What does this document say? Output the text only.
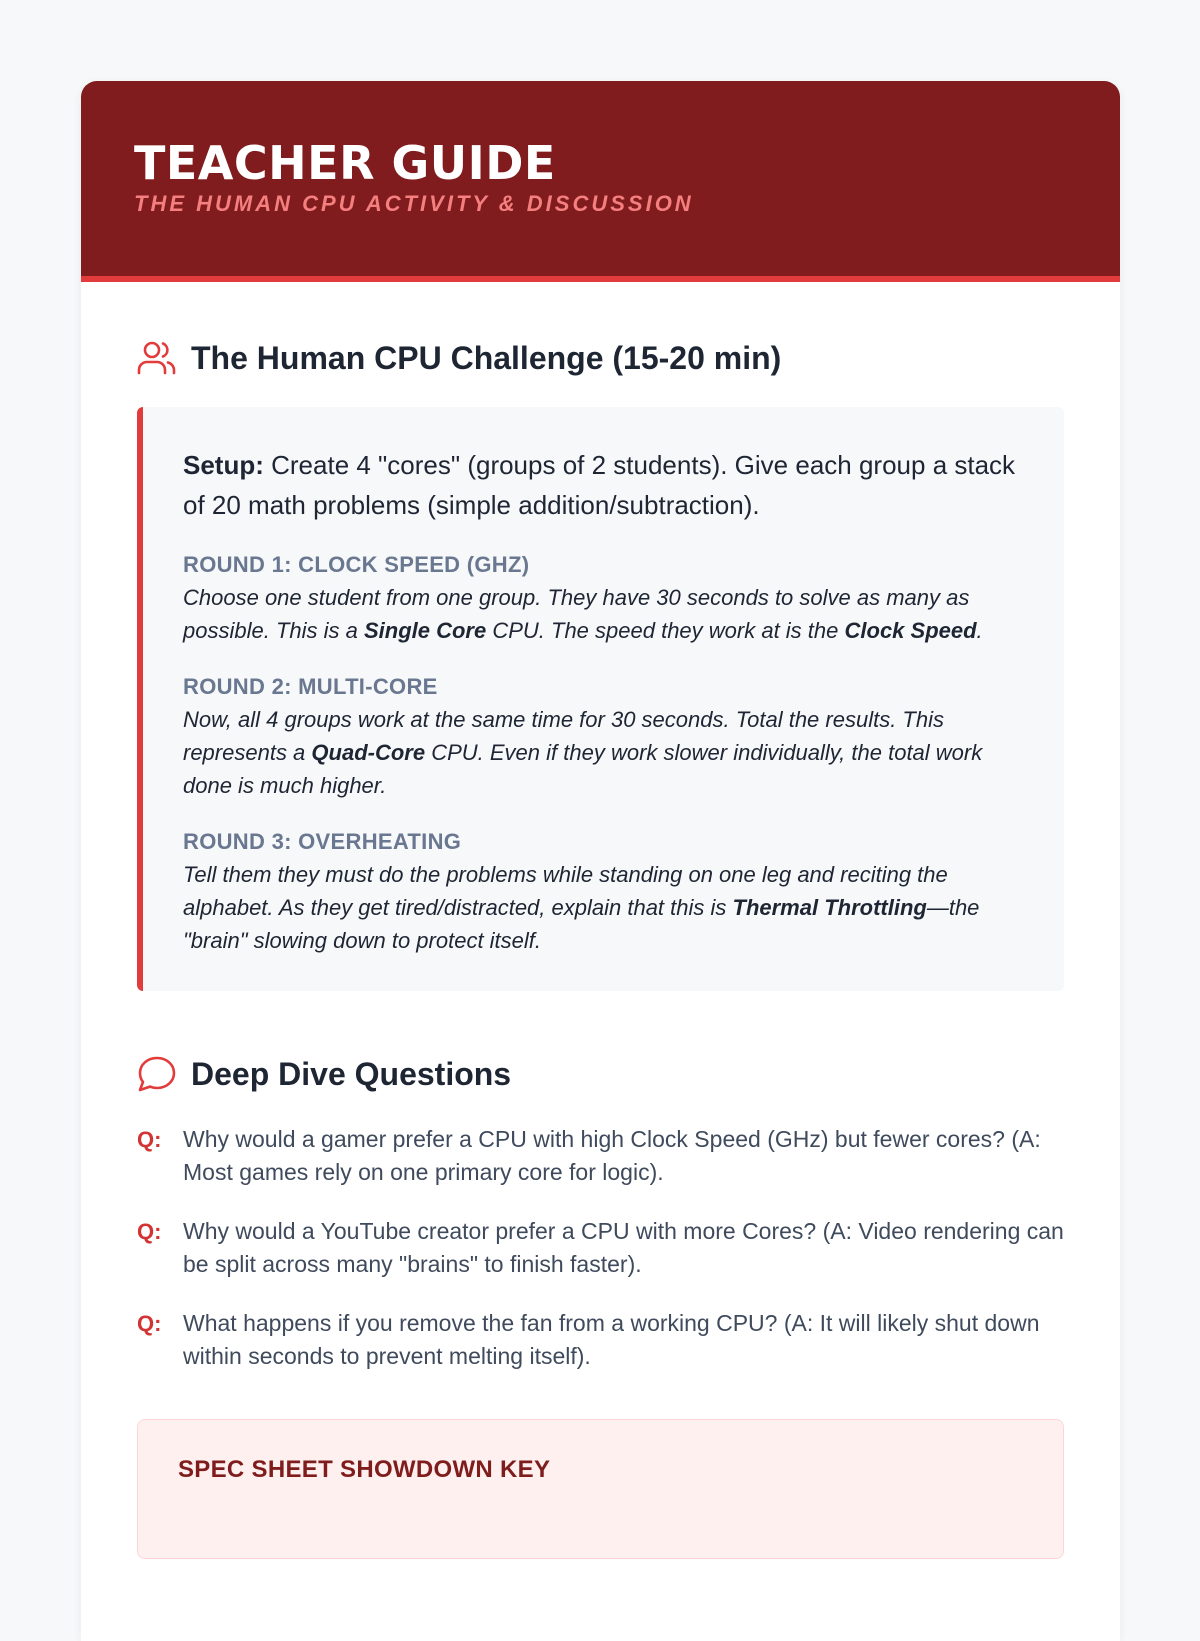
TEACHER GUIDE
THE HUMAN CPU ACTIVITY & DISCUSSION
The Human CPU Challenge (15-20 min)
Setup: Create 4 "cores" (groups of 2 students). Give each group a stack of 20 math problems (simple addition/subtraction).
ROUND 1: CLOCK SPEED (GHZ)
Choose one student from one group. They have 30 seconds to solve as many as possible. This is a Single Core CPU. The speed they work at is the Clock Speed.
ROUND 2: MULTI-CORE
Now, all 4 groups work at the same time for 30 seconds. Total the results. This represents a Quad-Core CPU. Even if they work slower individually, the total work done is much higher.
ROUND 3: OVERHEATING
Tell them they must do the problems while standing on one leg and reciting the alphabet. As they get tired/distracted, explain that this is Thermal Throttling—the "brain" slowing down to protect itself.
Deep Dive Questions
Q: Why would a gamer prefer a CPU with high Clock Speed (GHz) but fewer cores? (A: Most games rely on one primary core for logic).
Q: Why would a YouTube creator prefer a CPU with more Cores? (A: Video rendering can be split across many "brains" to finish faster).
Q: What happens if you remove the fan from a working CPU? (A: It will likely shut down within seconds to prevent melting itself).
SPEC SHEET SHOWDOWN KEY
